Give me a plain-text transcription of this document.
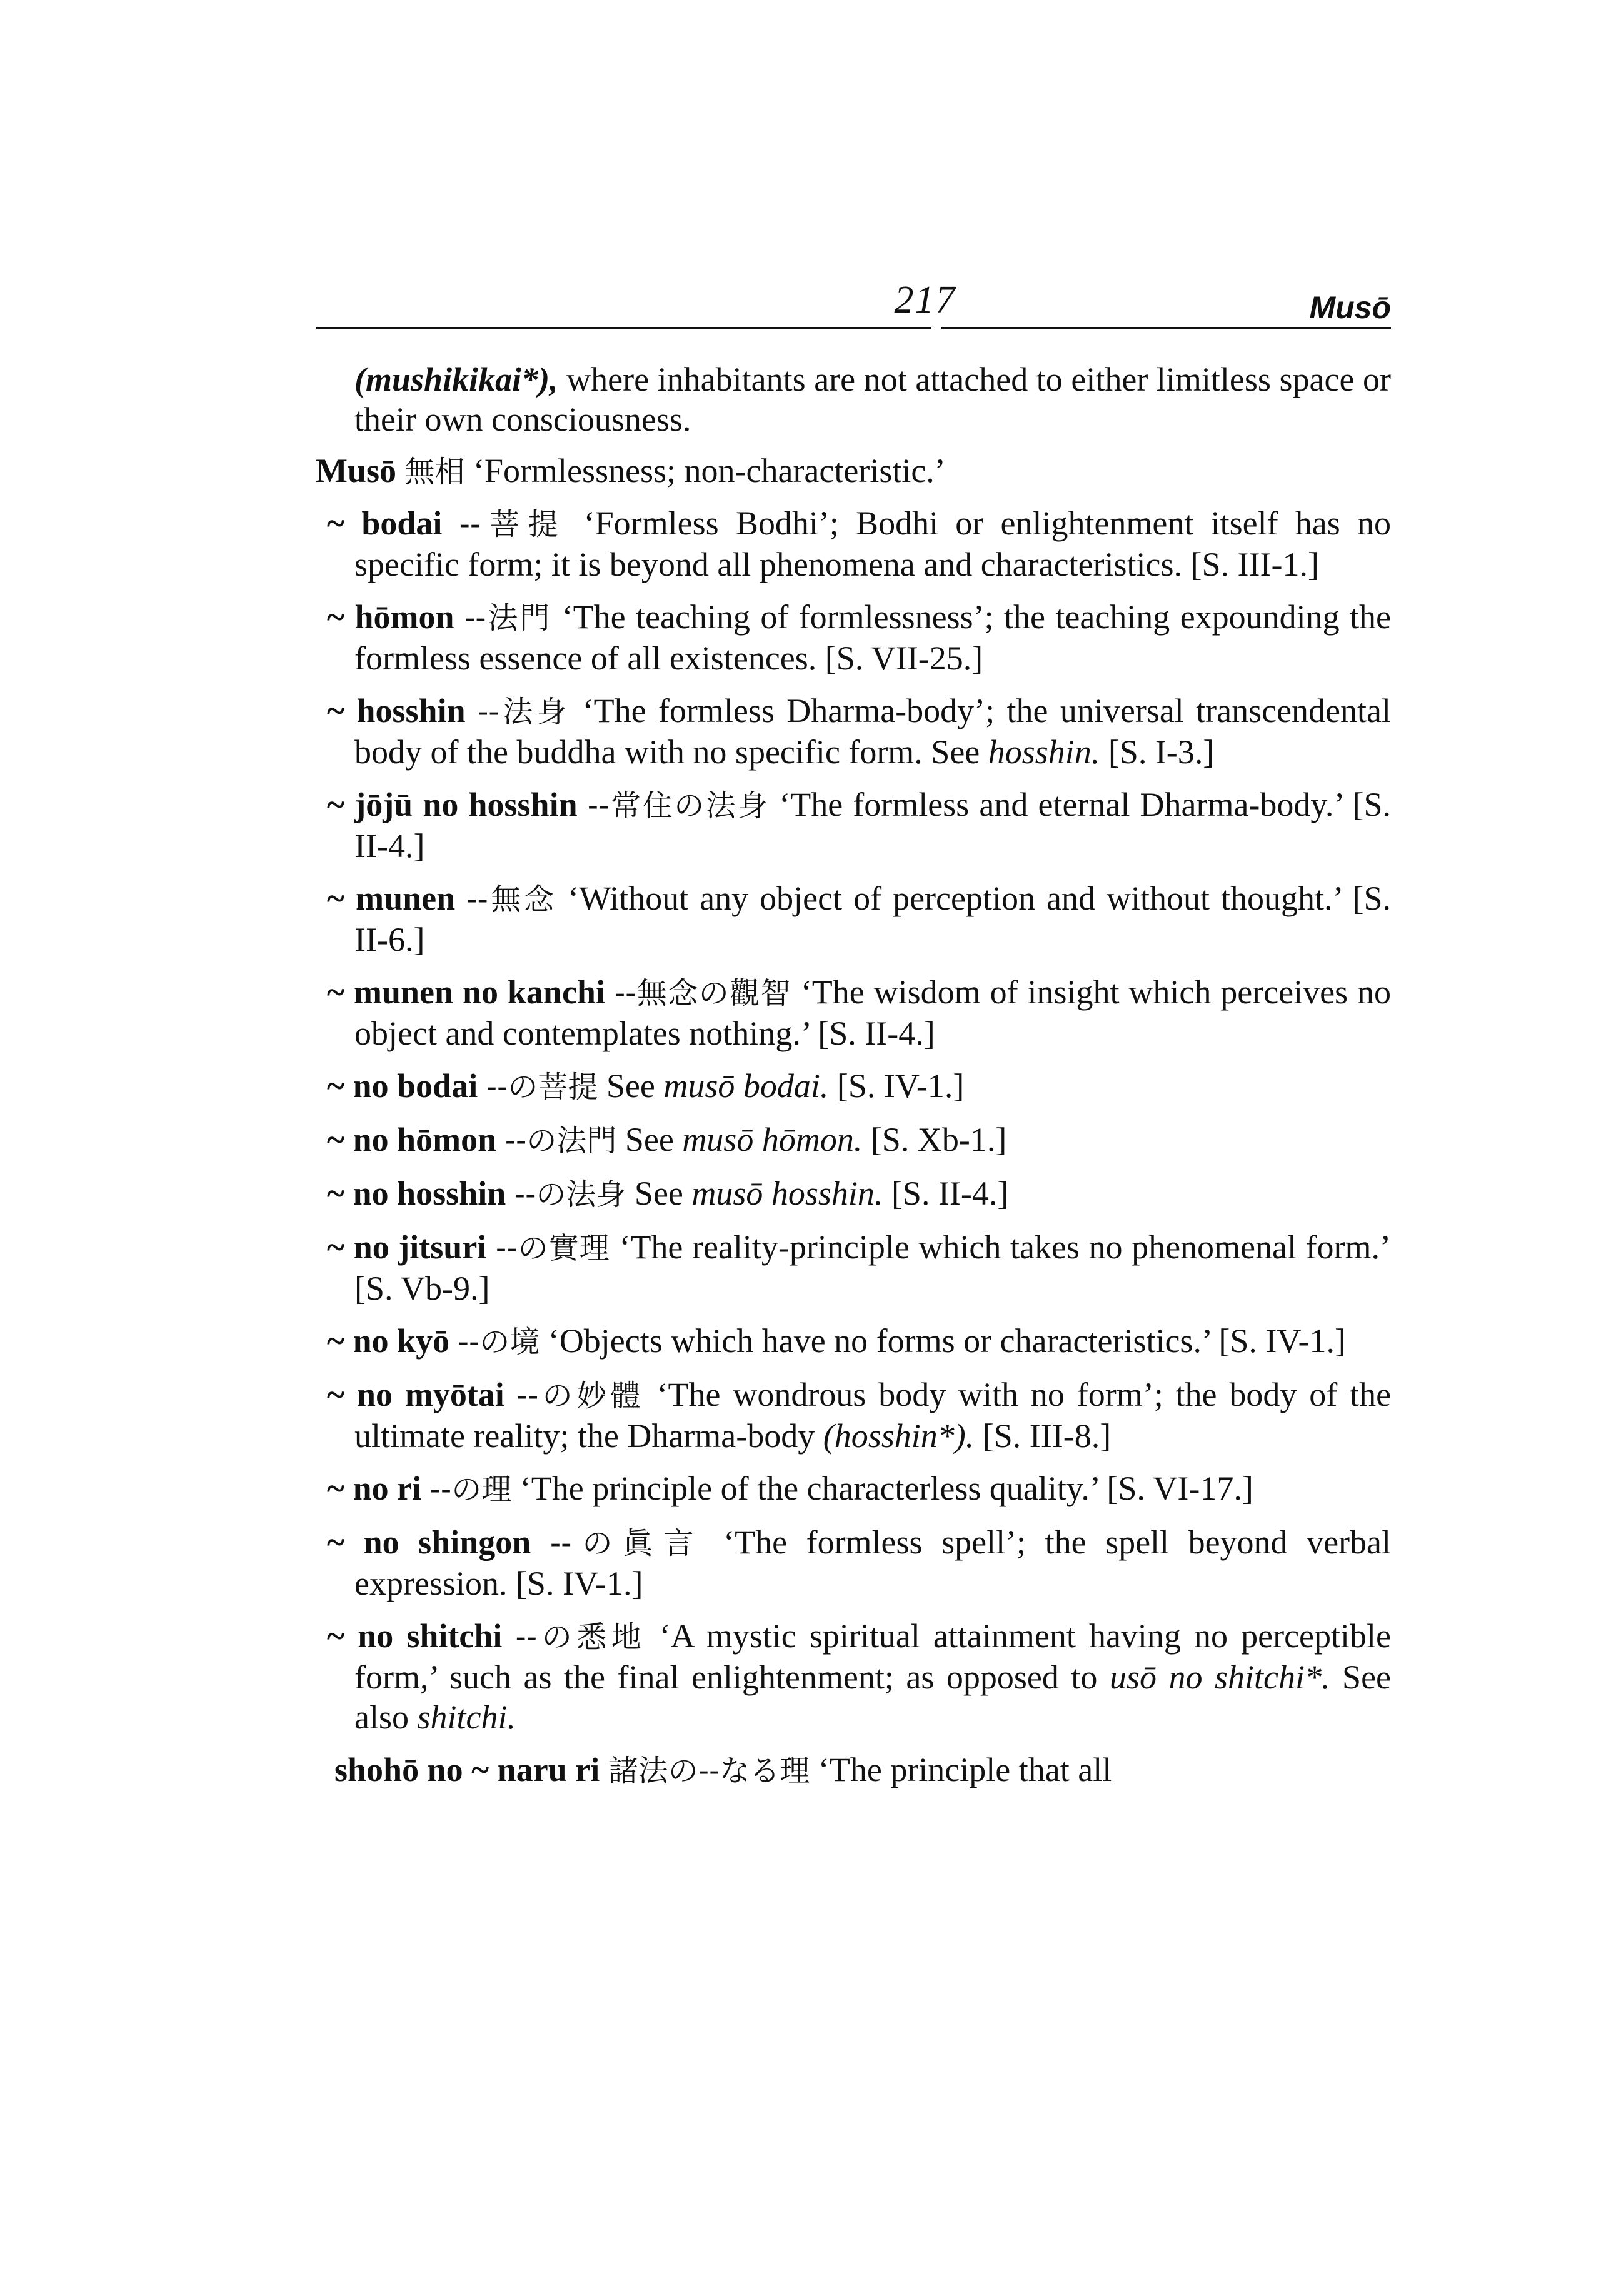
217	Musō

(mushikikai*), where inhabitants are not attached to either limitless space or their own consciousness.

Musō 無相 ‘Formlessness; non-characteristic.’

~ bodai --菩提 ‘Formless Bodhi’; Bodhi or enlightenment itself has no specific form; it is beyond all phenomena and characteristics. [S. III-1.]

~ hōmon --法門 ‘The teaching of formlessness’; the teaching expounding the formless essence of all existences. [S. VII-25.]

~ hosshin --法身 ‘The formless Dharma-body’; the universal transcendental body of the buddha with no specific form. See hosshin. [S. I-3.]

~ jōjū no hosshin --常住の法身 ‘The formless and eternal Dharma-body.’ [S. II-4.]

~ munen --無念 ‘Without any object of perception and without thought.’ [S. II-6.]

~ munen no kanchi --無念の觀智 ‘The wisdom of insight which perceives no object and contemplates nothing.’ [S. II-4.]

~ no bodai --の菩提 See musō bodai. [S. IV-1.]

~ no hōmon --の法門 See musō hōmon. [S. Xb-1.]

~ no hosshin --の法身 See musō hosshin. [S. II-4.]

~ no jitsuri --の實理 ‘The reality-principle which takes no phenomenal form.’ [S. Vb-9.]

~ no kyō --の境 ‘Objects which have no forms or characteristics.’ [S. IV-1.]

~ no myōtai --の妙體 ‘The wondrous body with no form’; the body of the ultimate reality; the Dharma-body (hosshin*). [S. III-8.]

~ no ri --の理 ‘The principle of the characterless quality.’ [S. VI-17.]

~ no shingon --の眞言 ‘The formless spell’; the spell beyond verbal expression. [S. IV-1.]

~ no shitchi --の悉地 ‘A mystic spiritual attainment having no perceptible form,’ such as the final enlightenment; as opposed to usō no shitchi*. See also shitchi.

shohō no ~ naru ri 諸法の--なる理 ‘The principle that all
